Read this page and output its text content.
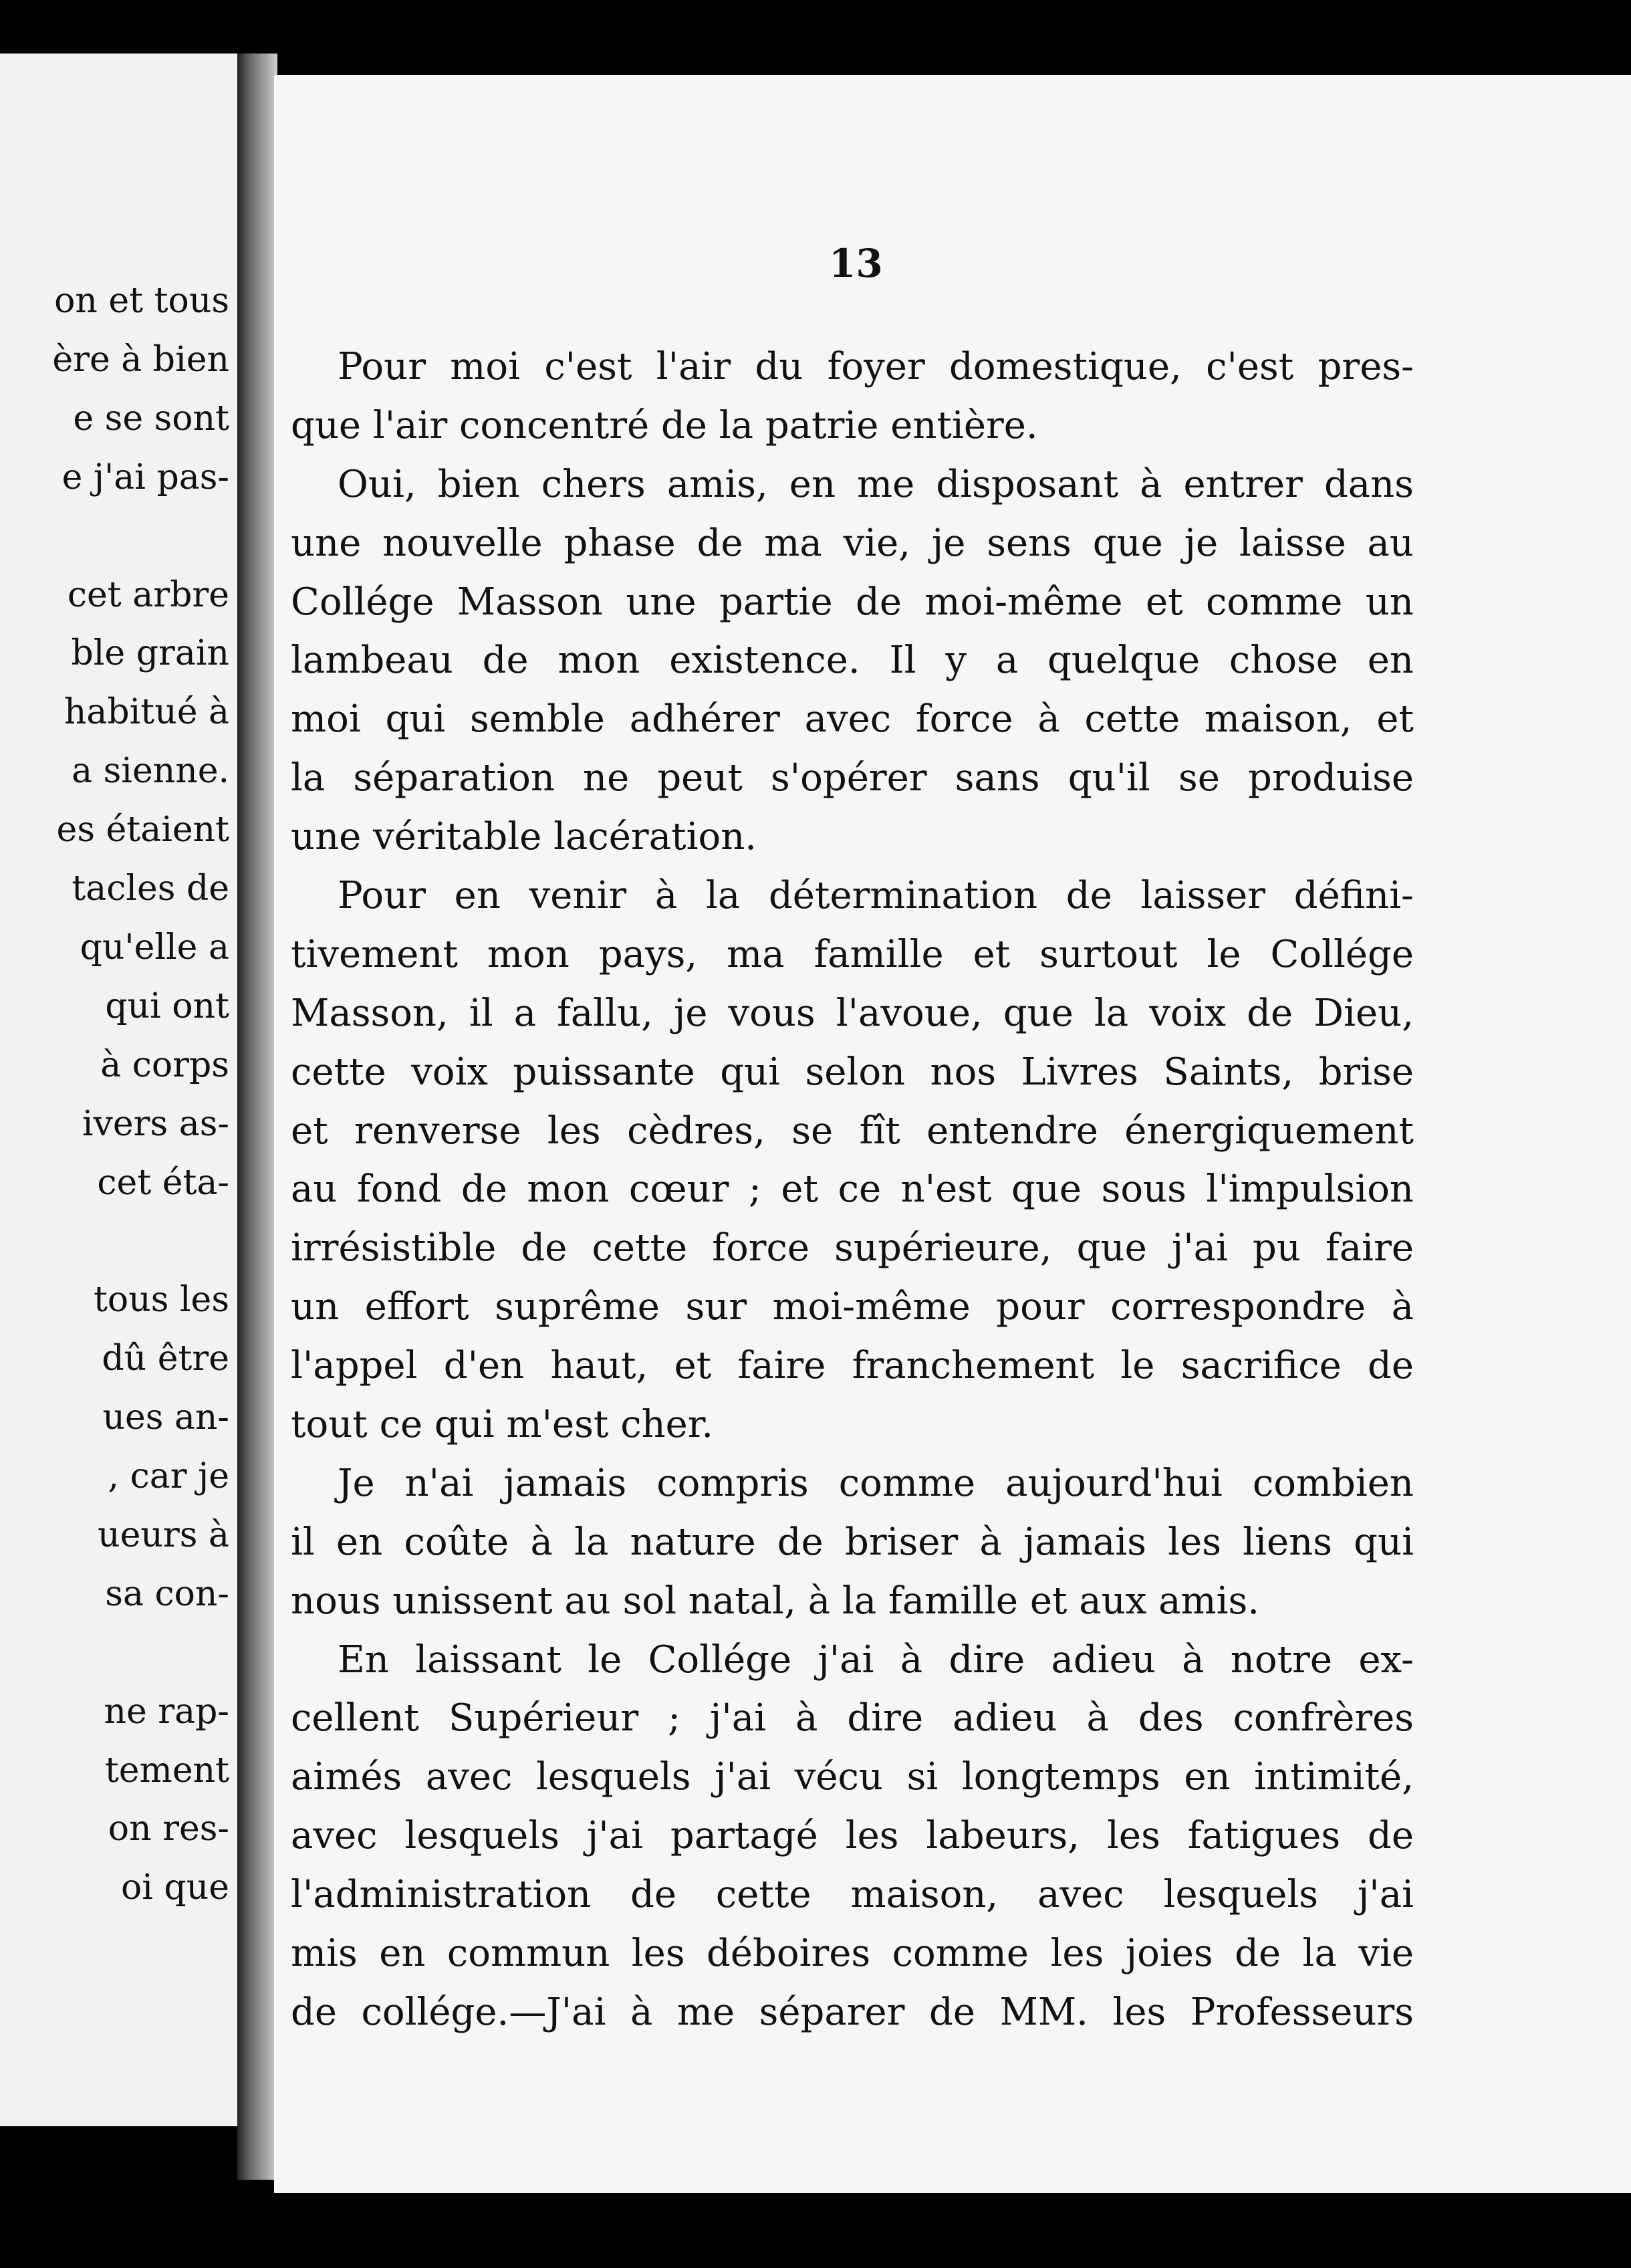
on et tous
ère à bien
e se sont
e j'ai pas-
cet arbre
ble grain
habitué à
a sienne.
es étaient
tacles de
qu'elle a
qui ont
à corps
ivers as-
cet éta-
tous les
dû être
ues an-
, car je
ueurs à
sa con-
ne rap-
tement
on res-
oi que
13
Pour moi c'est l'air du foyer domestique, c'est pres-
que l'air concentré de la patrie entière.
Oui, bien chers amis, en me disposant à entrer dans
une nouvelle phase de ma vie, je sens que je laisse au
Collége Masson une partie de moi-même et comme un
lambeau de mon existence. Il y a quelque chose en
moi qui semble adhérer avec force à cette maison, et
la séparation ne peut s'opérer sans qu'il se produise
une véritable lacération.
Pour en venir à la détermination de laisser défini-
tivement mon pays, ma famille et surtout le Collége
Masson, il a fallu, je vous l'avoue, que la voix de Dieu,
cette voix puissante qui selon nos Livres Saints, brise
et renverse les cèdres, se fît entendre énergiquement
au fond de mon cœur ; et ce n'est que sous l'impulsion
irrésistible de cette force supérieure, que j'ai pu faire
un effort suprême sur moi-même pour correspondre à
l'appel d'en haut, et faire franchement le sacrifice de
tout ce qui m'est cher.
Je n'ai jamais compris comme aujourd'hui combien
il en coûte à la nature de briser à jamais les liens qui
nous unissent au sol natal, à la famille et aux amis.
En laissant le Collége j'ai à dire adieu à notre ex-
cellent Supérieur ; j'ai à dire adieu à des confrères
aimés avec lesquels j'ai vécu si longtemps en intimité,
avec lesquels j'ai partagé les labeurs, les fatigues de
l'administration de cette maison, avec lesquels j'ai
mis en commun les déboires comme les joies de la vie
de collége.—J'ai à me séparer de MM. les Professeurs
